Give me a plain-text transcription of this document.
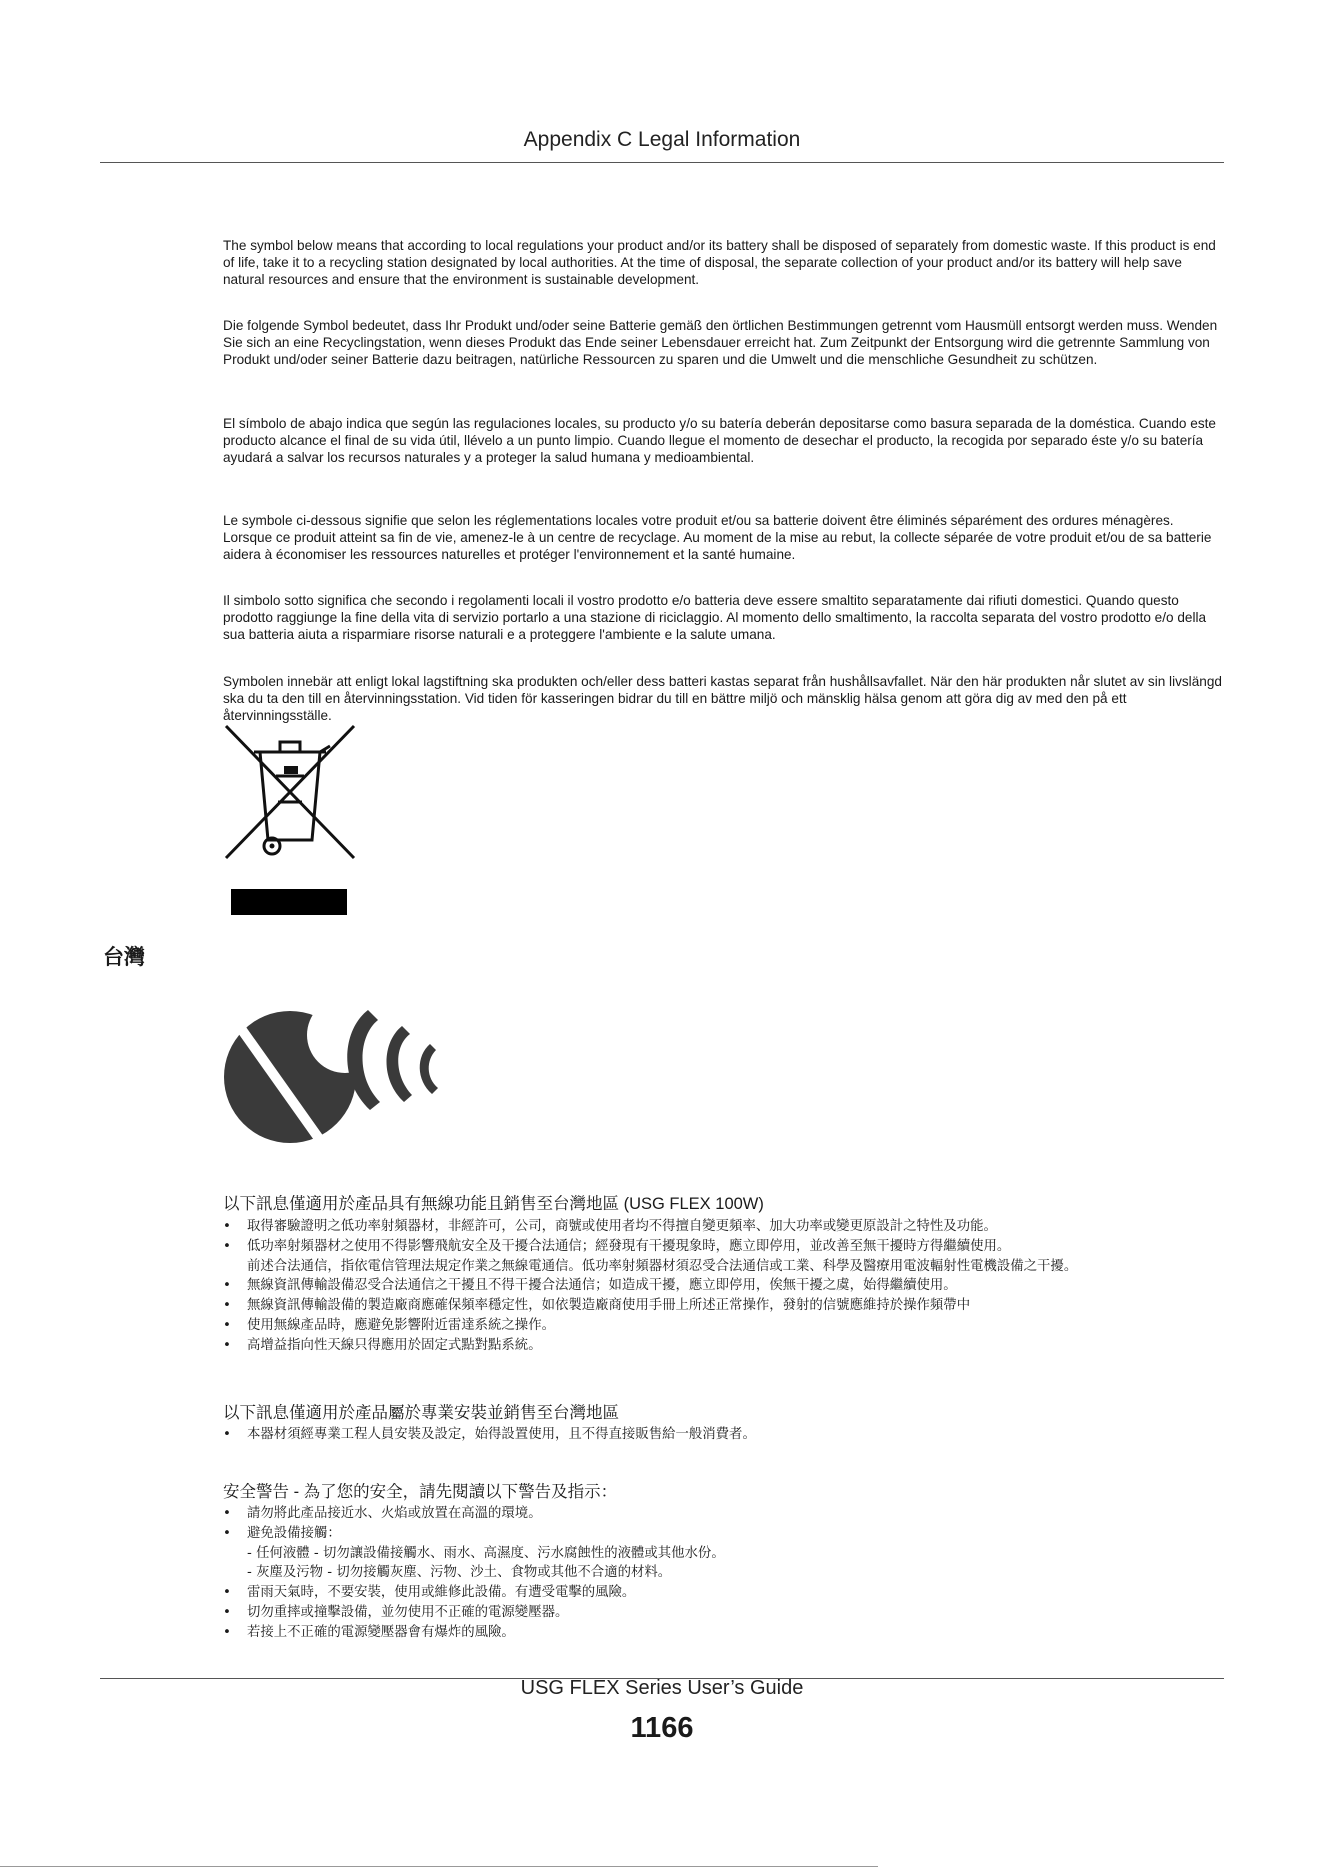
Appendix C Legal Information

The symbol below means that according to local regulations your product and/or its battery shall be disposed of separately from domestic waste. If this product is end of life, take it to a recycling station designated by local authorities. At the time of disposal, the separate collection of your product and/or its battery will help save natural resources and ensure that the environment is sustainable development.

Die folgende Symbol bedeutet, dass Ihr Produkt und/oder seine Batterie gemäß den örtlichen Bestimmungen getrennt vom Hausmüll entsorgt werden muss. Wenden Sie sich an eine Recyclingstation, wenn dieses Produkt das Ende seiner Lebensdauer erreicht hat. Zum Zeitpunkt der Entsorgung wird die getrennte Sammlung von Produkt und/oder seiner Batterie dazu beitragen, natürliche Ressourcen zu sparen und die Umwelt und die menschliche Gesundheit zu schützen.

El símbolo de abajo indica que según las regulaciones locales, su producto y/o su batería deberán depositarse como basura separada de la doméstica. Cuando este producto alcance el final de su vida útil, llévelo a un punto limpio. Cuando llegue el momento de desechar el producto, la recogida por separado éste y/o su batería ayudará a salvar los recursos naturales y a proteger la salud humana y medioambiental.

Le symbole ci-dessous signifie que selon les réglementations locales votre produit et/ou sa batterie doivent être éliminés séparément des ordures ménagères. Lorsque ce produit atteint sa fin de vie, amenez-le à un centre de recyclage. Au moment de la mise au rebut, la collecte séparée de votre produit et/ou de sa batterie aidera à économiser les ressources naturelles et protéger l'environnement et la santé humaine.

Il simbolo sotto significa che secondo i regolamenti locali il vostro prodotto e/o batteria deve essere smaltito separatamente dai rifiuti domestici. Quando questo prodotto raggiunge la fine della vita di servizio portarlo a una stazione di riciclaggio. Al momento dello smaltimento, la raccolta separata del vostro prodotto e/o della sua batteria aiuta a risparmiare risorse naturali e a proteggere l'ambiente e la salute umana.

Symbolen innebär att enligt lokal lagstiftning ska produkten och/eller dess batteri kastas separat från hushållsavfallet. När den här produkten når slutet av sin livslängd ska du ta den till en återvinningsstation. Vid tiden för kasseringen bidrar du till en bättre miljö och mänsklig hälsa genom att göra dig av med den på ett återvinningsställe.

台灣

以下訊息僅適用於產品具有無線功能且銷售至台灣地區 (USG FLEX 100W)

• 取得審驗證明之低功率射頻器材，非經許可，公司，商號或使用者均不得擅自變更頻率、加大功率或變更原設計之特性及功能。
• 低功率射頻器材之使用不得影響飛航安全及干擾合法通信；經發現有干擾現象時，應立即停用，並改善至無干擾時方得繼續使用。
前述合法通信，指依電信管理法規定作業之無線電通信。低功率射頻器材須忍受合法通信或工業、科學及醫療用電波輻射性電機設備之干擾。
• 無線資訊傳輸設備忍受合法通信之干擾且不得干擾合法通信；如造成干擾，應立即停用，俟無干擾之虞，始得繼續使用。
• 無線資訊傳輸設備的製造廠商應確保頻率穩定性，如依製造廠商使用手冊上所述正常操作，發射的信號應維持於操作頻帶中
• 使用無線產品時，應避免影響附近雷達系統之操作。
• 高增益指向性天線只得應用於固定式點對點系統。

以下訊息僅適用於產品屬於專業安裝並銷售至台灣地區

• 本器材須經專業工程人員安裝及設定，始得設置使用，且不得直接販售給一般消費者。

安全警告 - 為了您的安全，請先閱讀以下警告及指示：

• 請勿將此產品接近水、火焰或放置在高溫的環境。
• 避免設備接觸：
- 任何液體 - 切勿讓設備接觸水、雨水、高濕度、污水腐蝕性的液體或其他水份。
- 灰塵及污物 - 切勿接觸灰塵、污物、沙土、食物或其他不合適的材料。
• 雷雨天氣時，不要安裝，使用或維修此設備。有遭受電擊的風險。
• 切勿重摔或撞擊設備，並勿使用不正確的電源變壓器。
• 若接上不正確的電源變壓器會有爆炸的風險。
USG FLEX Series User’s Guide
1166
